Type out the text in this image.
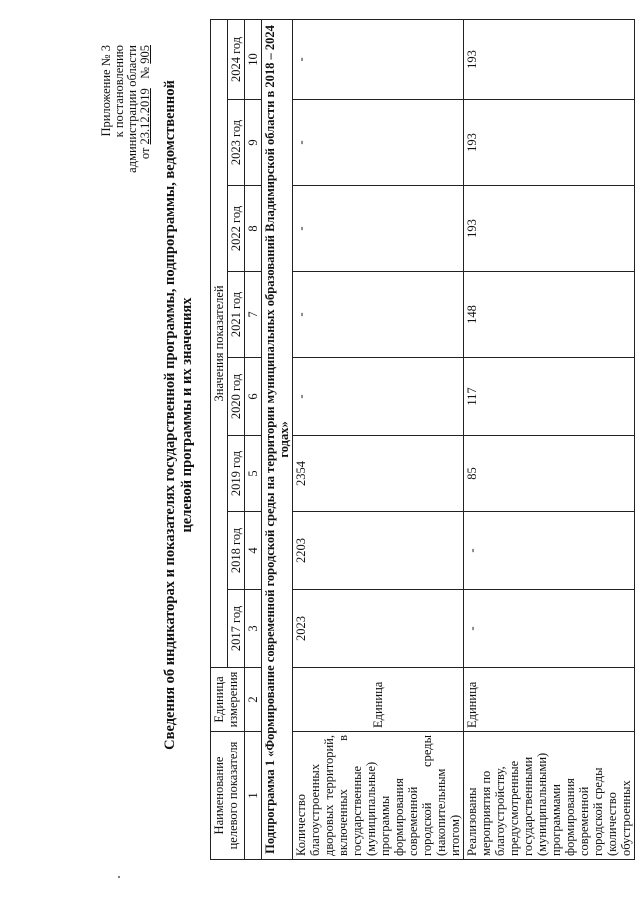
Приложение № 3 к постановлению администрации области от 23.12.2019   № 905
Сведения об индикаторах и показателях государственной программы, подпрограммы, ведомственной целевой программы и их значениях
Наименование целевого показателя	Единица измерения	Значения показателей							
		2017 год	2018 год	2019 год	2020 год	2021 год	2022 год	2023 год	2024 год
1	2	3	4	5	6	7	8	9	10
Подпрограмма 1 «Формирование современной городской среды на территории муниципальных образований Владимирской области в 2018 – 2024 годах»									
Количество благоустроенных дворовых территорий, включенных в государственные (муниципальные) программы формирования современной городской среды (накопительным итогом)	Единица	2023	2203	2354	-	-	-	-	-
Реализованы мероприятия по благоустройству, предусмотренные государственными (муниципальными) программами формирования современной городской среды (количество обустроенных	Единица	-	-	85	117	148	193	193	193
